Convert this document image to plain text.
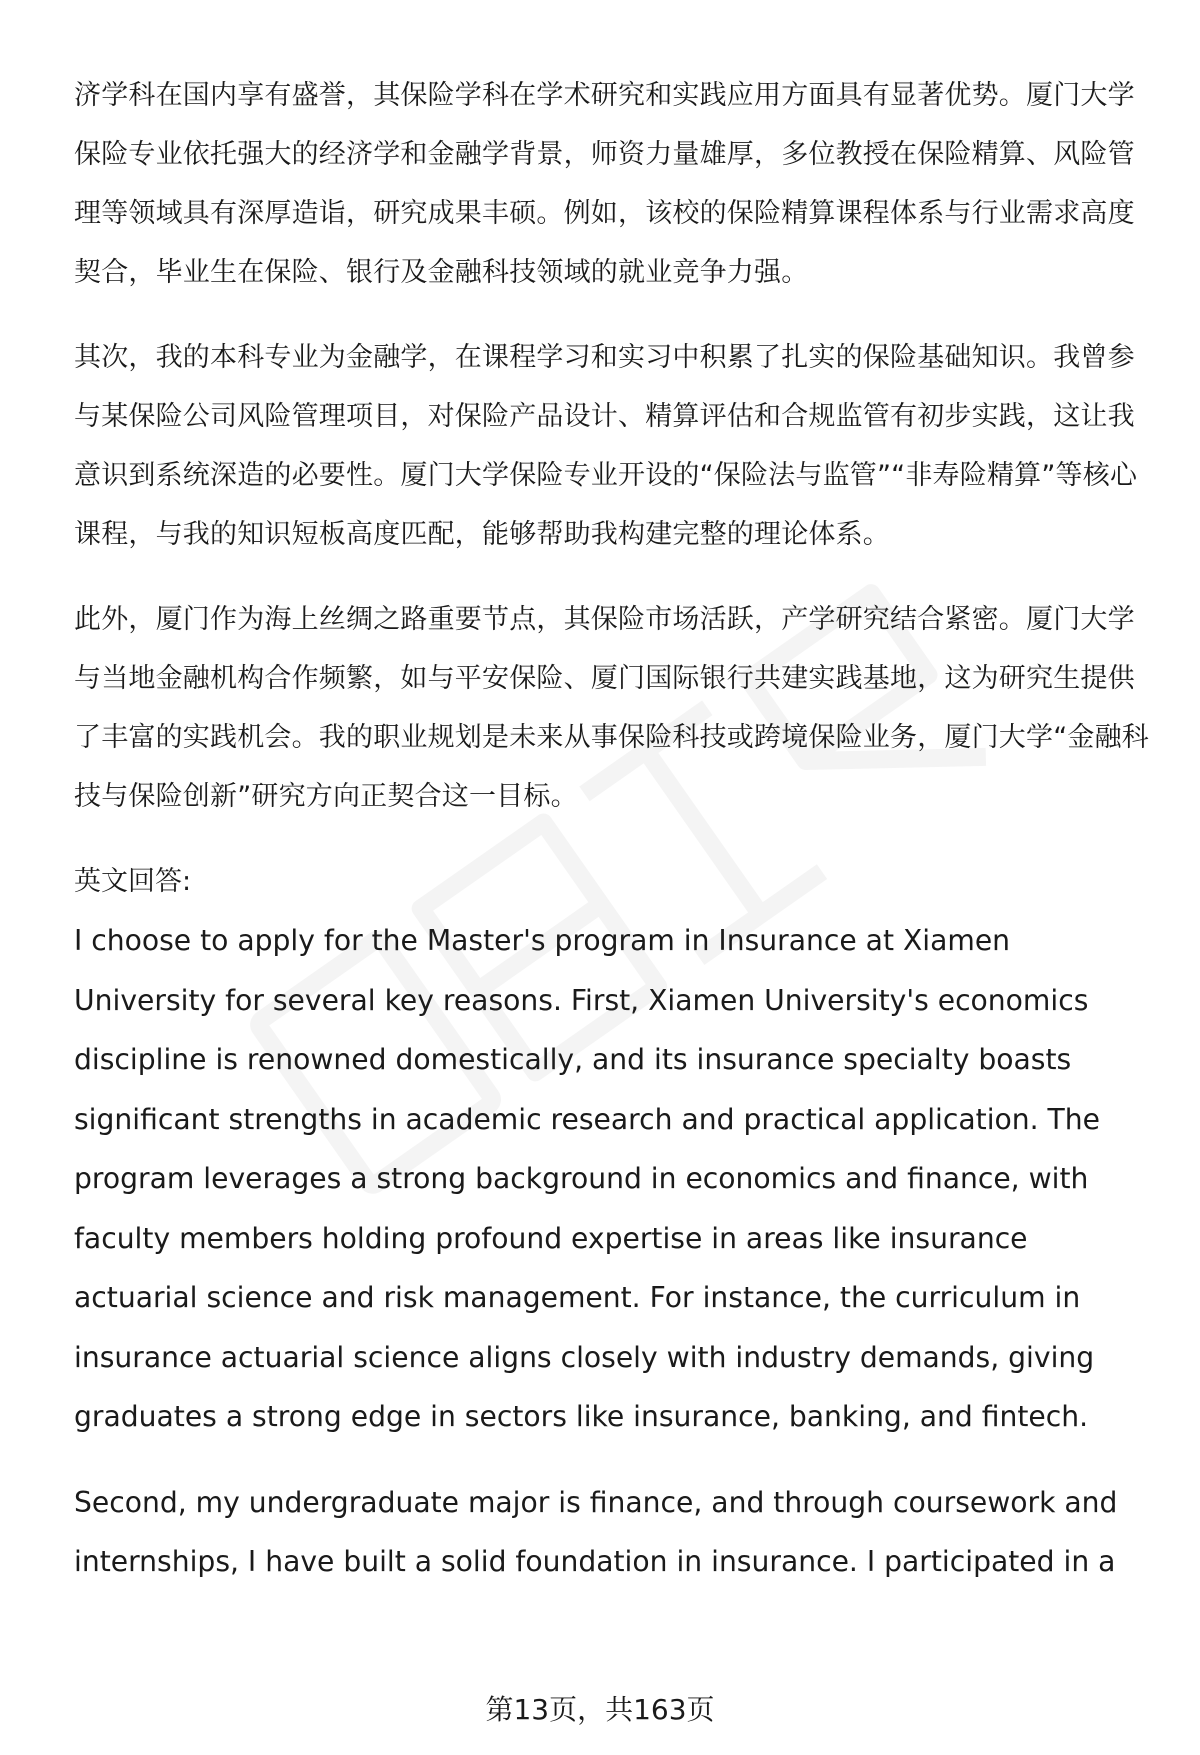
济学科在国内享有盛誉，其保险学科在学术研究和实践应用方面具有显著优势。厦门大学保险专业依托强大的经济学和金融学背景，师资力量雄厚，多位教授在保险精算、风险管理等领域具有深厚造诣，研究成果丰硕。例如，该校的保险精算课程体系与行业需求高度契合，毕业生在保险、银行及金融科技领域的就业竞争力强。

其次，我的本科专业为金融学，在课程学习和实习中积累了扎实的保险基础知识。我曾参与某保险公司风险管理项目，对保险产品设计、精算评估和合规监管有初步实践，这让我意识到系统深造的必要性。厦门大学保险专业开设的“保险法与监管”“非寿险精算”等核心课程，与我的知识短板高度匹配，能够帮助我构建完整的理论体系。

此外，厦门作为海上丝绸之路重要节点，其保险市场活跃，产学研究结合紧密。厦门大学与当地金融机构合作频繁，如与平安保险、厦门国际银行共建实践基地，这为研究生提供了丰富的实践机会。我的职业规划是未来从事保险科技或跨境保险业务，厦门大学“金融科技与保险创新”研究方向正契合这一目标。

英文回答:

I choose to apply for the Master's program in Insurance at Xiamen University for several key reasons. First, Xiamen University's economics discipline is renowned domestically, and its insurance specialty boasts significant strengths in academic research and practical application. The program leverages a strong background in economics and finance, with faculty members holding profound expertise in areas like insurance actuarial science and risk management. For instance, the curriculum in insurance actuarial science aligns closely with industry demands, giving graduates a strong edge in sectors like insurance, banking, and fintech.

Second, my undergraduate major is finance, and through coursework and internships, I have built a solid foundation in insurance. I participated in a

第13页，共163页
